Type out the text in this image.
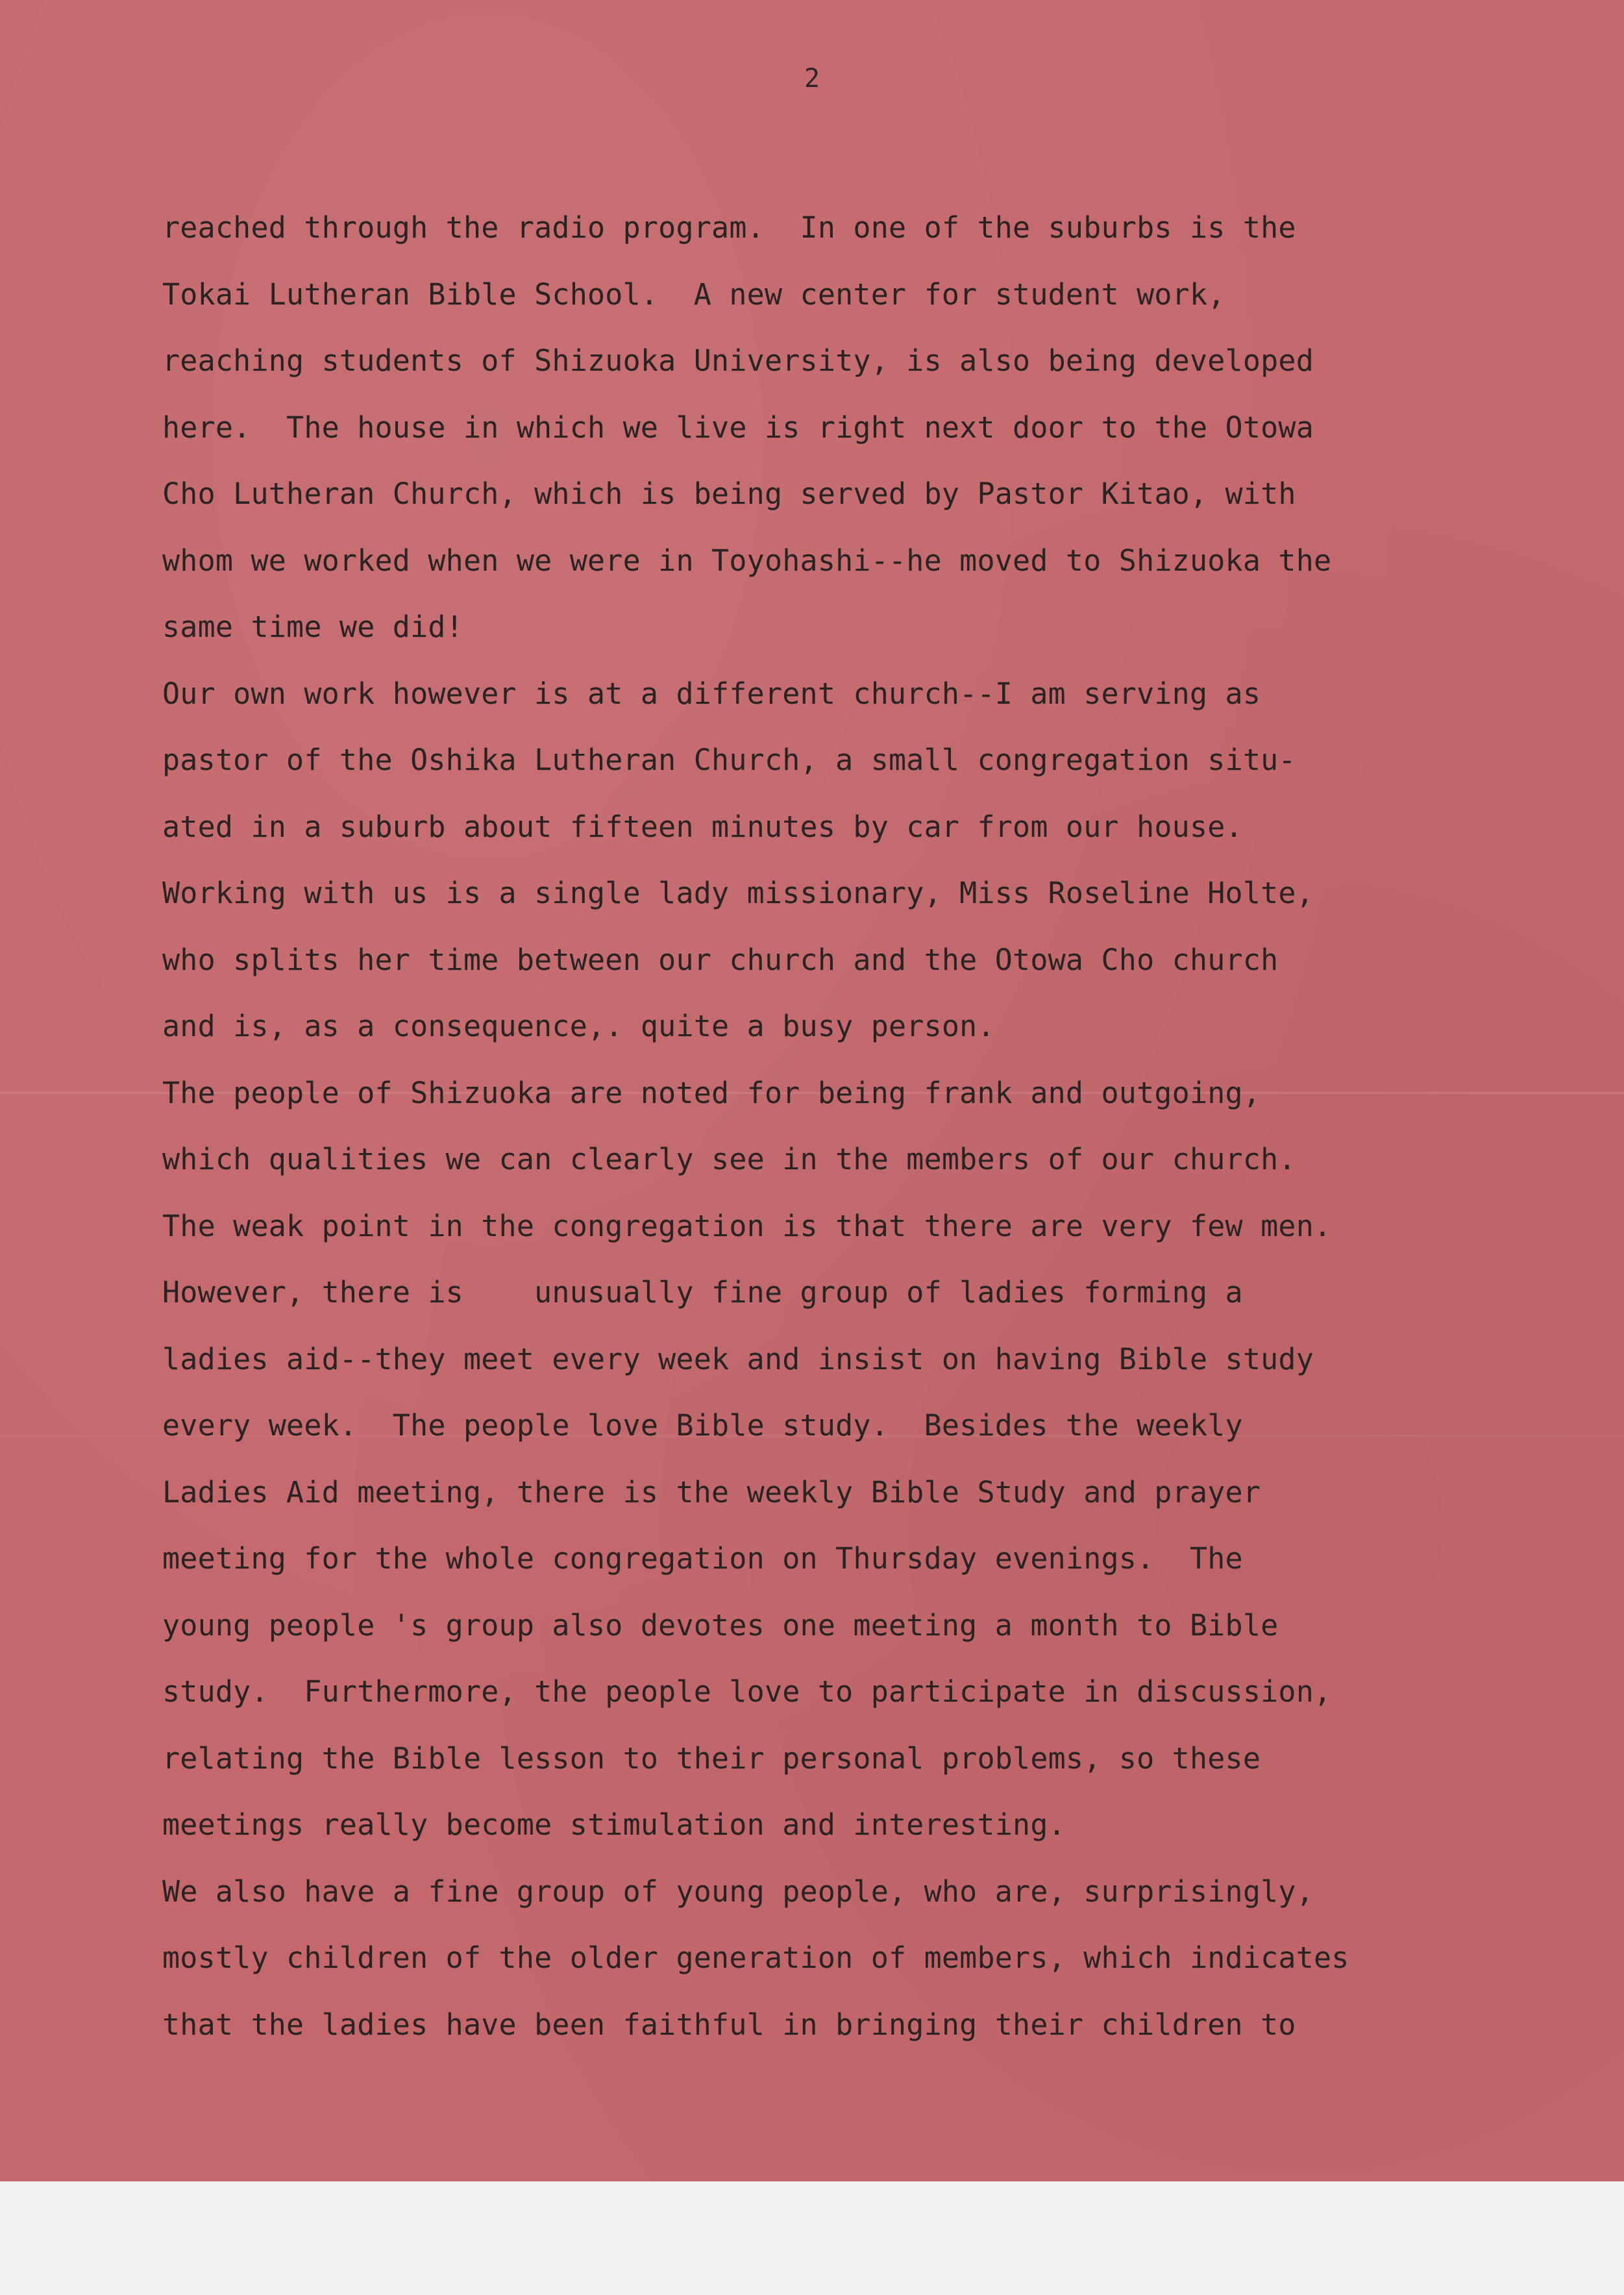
2
reached through the radio program.  In one of the suburbs is the
Tokai Lutheran Bible School.  A new center for student work,
reaching students of Shizuoka University, is also being developed
here.  The house in which we live is right next door to the Otowa
Cho Lutheran Church, which is being served by Pastor Kitao, with
whom we worked when we were in Toyohashi--he moved to Shizuoka the
same time we did!
Our own work however is at a different church--I am serving as
pastor of the Oshika Lutheran Church, a small congregation situ-
ated in a suburb about fifteen minutes by car from our house.
Working with us is a single lady missionary, Miss Roseline Holte,
who splits her time between our church and the Otowa Cho church
and is, as a consequence,. quite a busy person.
The people of Shizuoka are noted for being frank and outgoing,
which qualities we can clearly see in the members of our church.
The weak point in the congregation is that there are very few men.
However, there is    unusually fine group of ladies forming a
ladies aid--they meet every week and insist on having Bible study
every week.  The people love Bible study.  Besides the weekly
Ladies Aid meeting, there is the weekly Bible Study and prayer
meeting for the whole congregation on Thursday evenings.  The
young people 's group also devotes one meeting a month to Bible
study.  Furthermore, the people love to participate in discussion,
relating the Bible lesson to their personal problems, so these
meetings really become stimulation and interesting.
We also have a fine group of young people, who are, surprisingly,
mostly children of the older generation of members, which indicates
that the ladies have been faithful in bringing their children to
